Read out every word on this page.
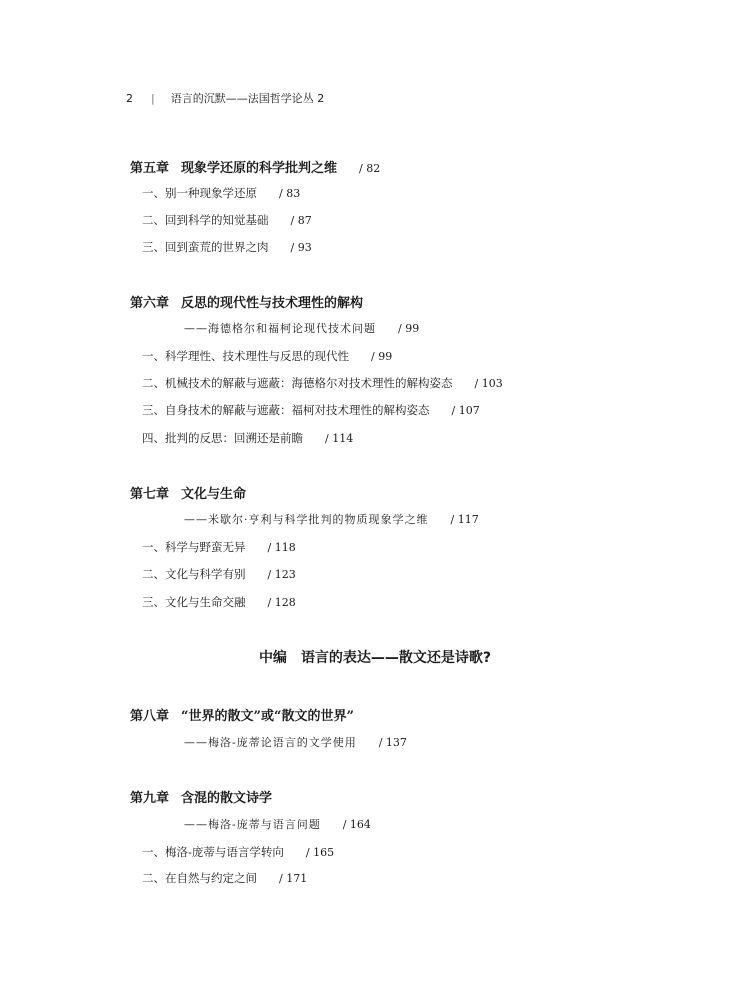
2 | 语言的沉默——法国哲学论丛 2
第五章 现象学还原的科学批判之维 / 82
一、别一种现象学还原 / 83
二、回到科学的知觉基础 / 87
三、回到蛮荒的世界之肉 / 93
第六章 反思的现代性与技术理性的解构
——海德格尔和福柯论现代技术问题 / 99
一、科学理性、技术理性与反思的现代性 / 99
二、机械技术的解蔽与遮蔽：海德格尔对技术理性的解构姿态 / 103
三、自身技术的解蔽与遮蔽：福柯对技术理性的解构姿态 / 107
四、批判的反思：回溯还是前瞻 / 114
第七章 文化与生命
——米歇尔·亨利与科学批判的物质现象学之维 / 117
一、科学与野蛮无异 / 118
二、文化与科学有别 / 123
三、文化与生命交融 / 128
中编 语言的表达——散文还是诗歌?
第八章 “世界的散文”或“散文的世界”
——梅洛-庞蒂论语言的文学使用 / 137
第九章 含混的散文诗学
——梅洛-庞蒂与语言问题 / 164
一、梅洛-庞蒂与语言学转向 / 165
二、在自然与约定之间 / 171
